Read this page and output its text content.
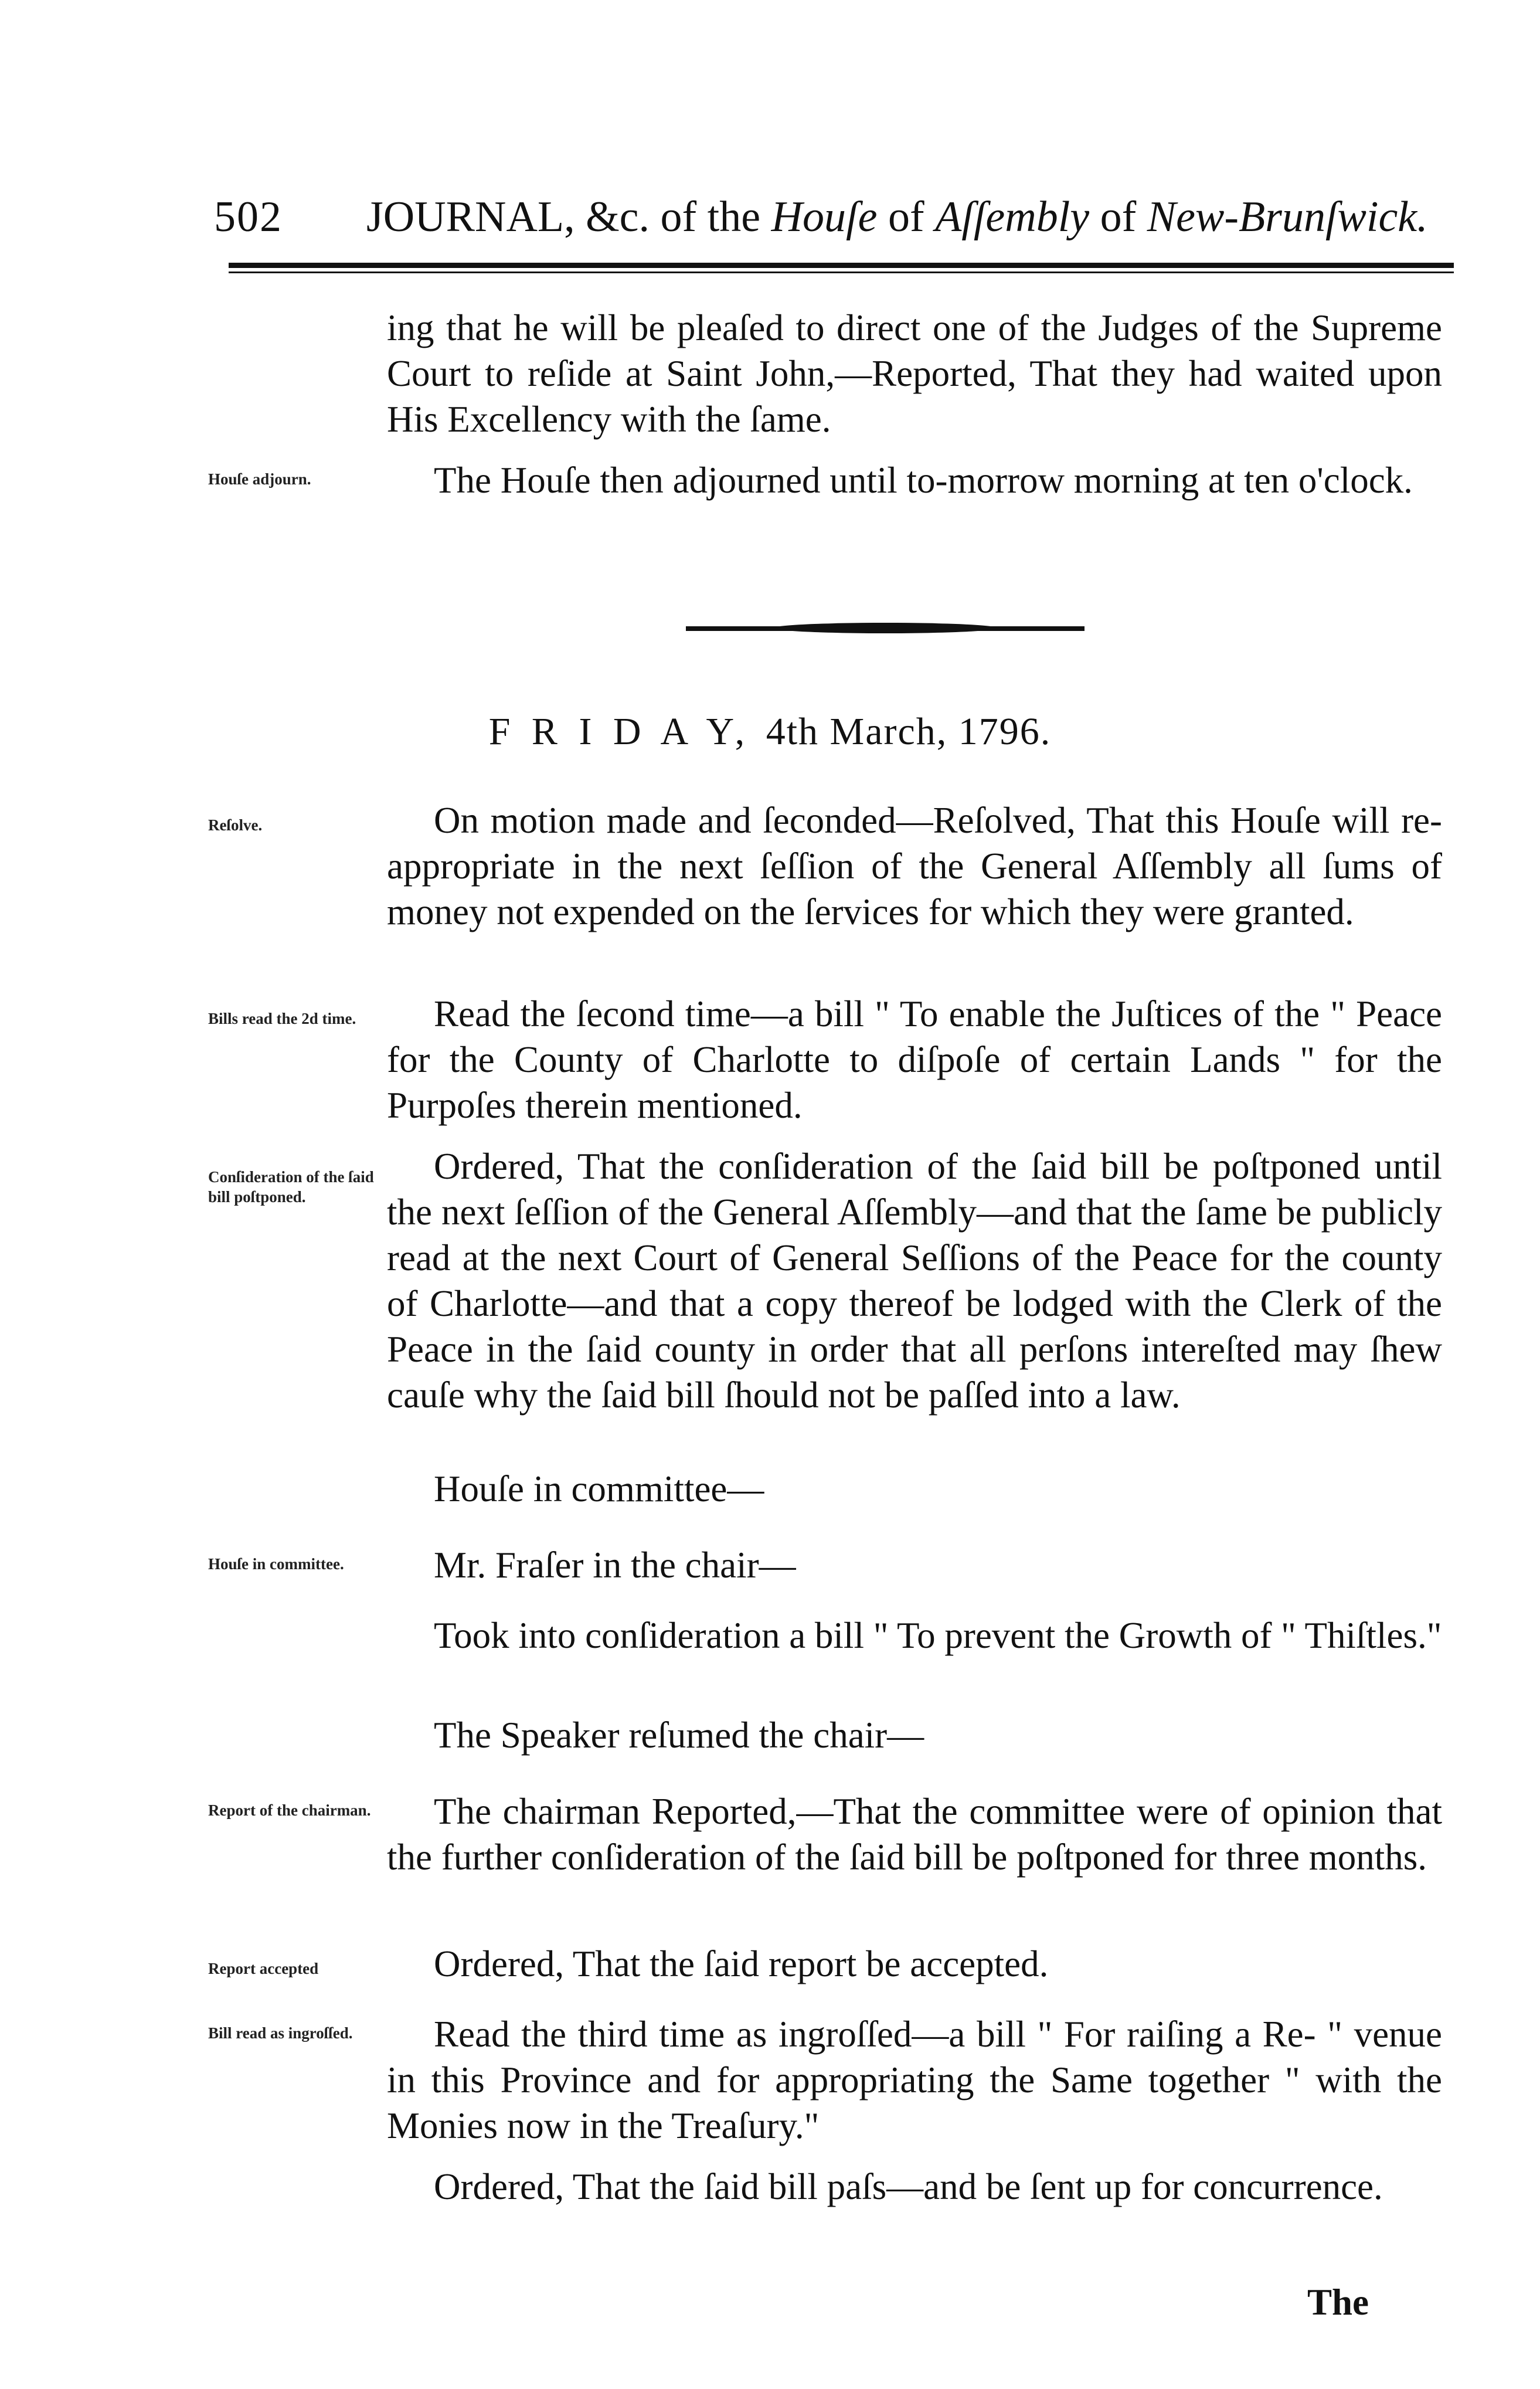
502 JOURNAL, &c. of the Houſe of Aſſembly of New-Brunſwick.
ing that he will be pleaſed to direct one of the Judges of the Supreme Court to reſide at Saint John,—Reported, That they had waited upon His Excellency with the ſame.
Houſe adjourn.	The Houſe then adjourned until to-morrow morning at ten o'clock.
F R I D A Y, 4th March, 1796.
Reſolve.	On motion made and ſeconded—Reſolved, That this Houſe will re-appropriate in the next ſeſſion of the General Aſſembly all ſums of money not expended on the ſervices for which they were granted.
Bills read the 2d time.	Read the ſecond time—a bill " To enable the Juſtices of the " Peace for the County of Charlotte to diſpoſe of certain Lands " for the Purpoſes therein mentioned.
Conſideration of the ſaid bill poſtponed.
Ordered, That the conſideration of the ſaid bill be poſtponed until the next ſeſſion of the General Aſſembly—and that the ſame be publicly read at the next Court of General Seſſions of the Peace for the county of Charlotte—and that a copy thereof be lodged with the Clerk of the Peace in the ſaid county in order that all perſons intereſted may ſhew cauſe why the ſaid bill ſhould not be paſſed into a law.
Houſe in committee—
Houſe in committee.	Mr. Fraſer in the chair—
Took into conſideration a bill " To prevent the Growth of " Thiſtles."
The Speaker reſumed the chair—
Report of the chairman.	The chairman Reported,—That the committee were of opinion that the further conſideration of the ſaid bill be poſtponed for three months.
Report accepted	Ordered, That the ſaid report be accepted.
Bill read as ingroſſed.	Read the third time as ingroſſed—a bill " For raiſing a Re- " venue in this Province and for appropriating the Same together " with the Monies now in the Treaſury."
Ordered, That the ſaid bill paſs—and be ſent up for concurrence.
The
